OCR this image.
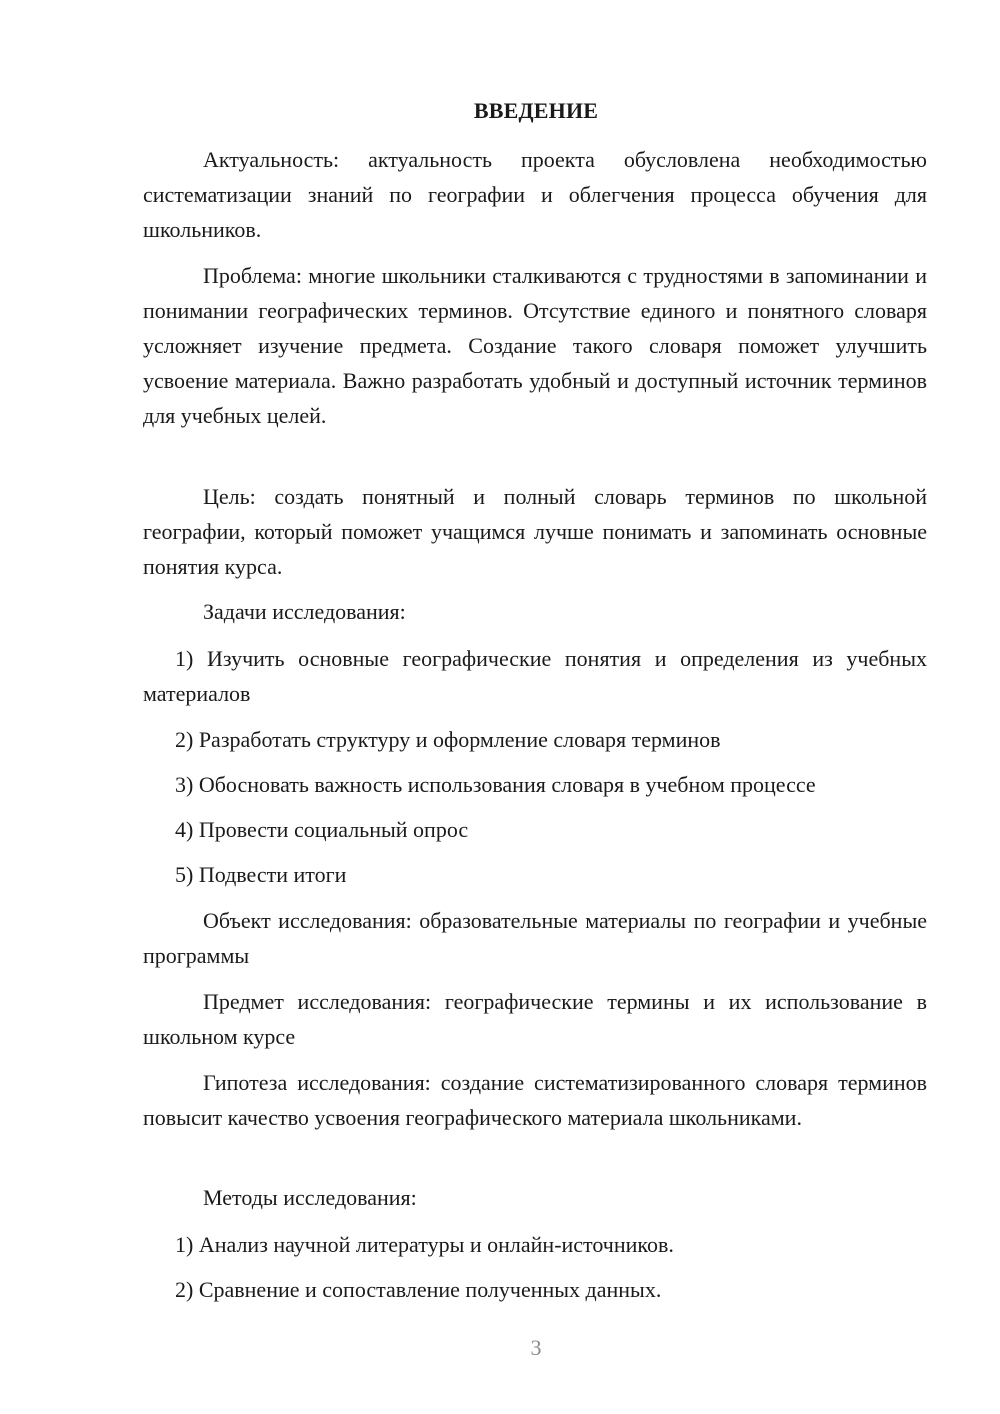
ВВЕДЕНИЕ

Актуальность: актуальность проекта обусловлена необходимостью систематизации знаний по географии и облегчения процесса обучения для школьников.

Проблема: многие школьники сталкиваются с трудностями в запоминании и понимании географических терминов. Отсутствие единого и понятного словаря усложняет изучение предмета. Создание такого словаря поможет улучшить усвоение материала. Важно разработать удобный и доступный источник терминов для учебных целей.

Цель: создать понятный и полный словарь терминов по школьной географии, который поможет учащимся лучше понимать и запоминать основные понятия курса.

Задачи исследования:

1) Изучить основные географические понятия и определения из учебных материалов

2) Разработать структуру и оформление словаря терминов

3) Обосновать важность использования словаря в учебном процессе

4) Провести социальный опрос

5) Подвести итоги

Объект исследования: образовательные материалы по географии и учебные программы

Предмет исследования: географические термины и их использование в школьном курсе

Гипотеза исследования: создание систематизированного словаря терминов повысит качество усвоения географического материала школьниками.

Методы исследования:

1) Анализ научной литературы и онлайн-источников.

2) Сравнение и сопоставление полученных данных.

3
